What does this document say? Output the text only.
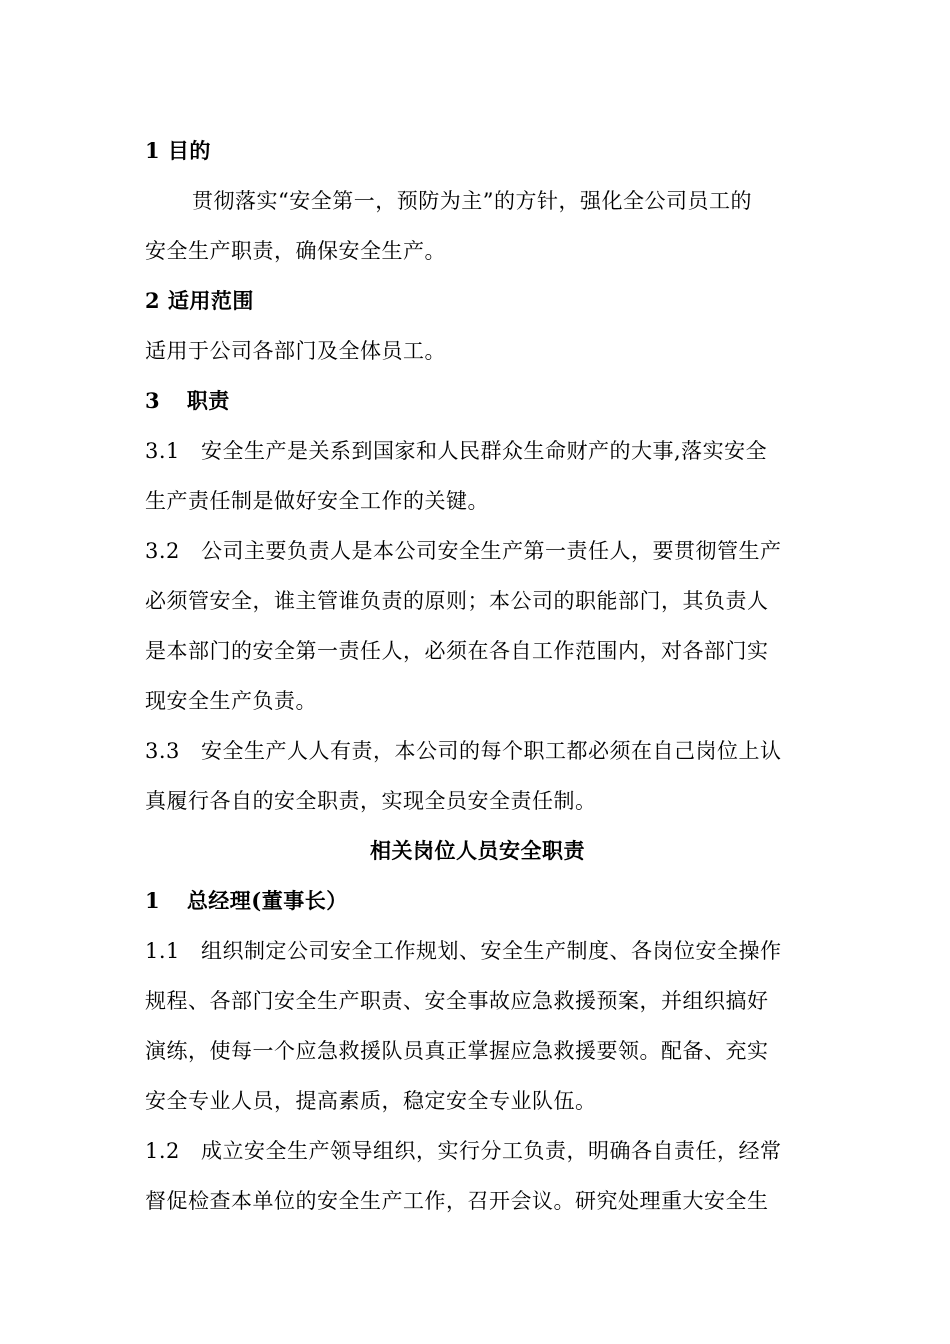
1 目的
贯彻落实“安全第一，预防为主”的方针，强化全公司员工的
安全生产职责，确保安全生产。
2 适用范围
适用于公司各部门及全体员工。
3 职责
3.1 安全生产是关系到国家和人民群众生命财产的大事,落实安全
生产责任制是做好安全工作的关键。
3.2 公司主要负责人是本公司安全生产第一责任人，要贯彻管生产
必须管安全，谁主管谁负责的原则；本公司的职能部门，其负责人
是本部门的安全第一责任人，必须在各自工作范围内，对各部门实
现安全生产负责。
3.3 安全生产人人有责，本公司的每个职工都必须在自己岗位上认
真履行各自的安全职责，实现全员安全责任制。
相关岗位人员安全职责
1 总经理(董事长）
1.1 组织制定公司安全工作规划、安全生产制度、各岗位安全操作
规程、各部门安全生产职责、安全事故应急救援预案，并组织搞好
演练，使每一个应急救援队员真正掌握应急救援要领。配备、充实
安全专业人员，提高素质，稳定安全专业队伍。
1.2 成立安全生产领导组织，实行分工负责，明确各自责任，经常
督促检查本单位的安全生产工作，召开会议。研究处理重大安全生
